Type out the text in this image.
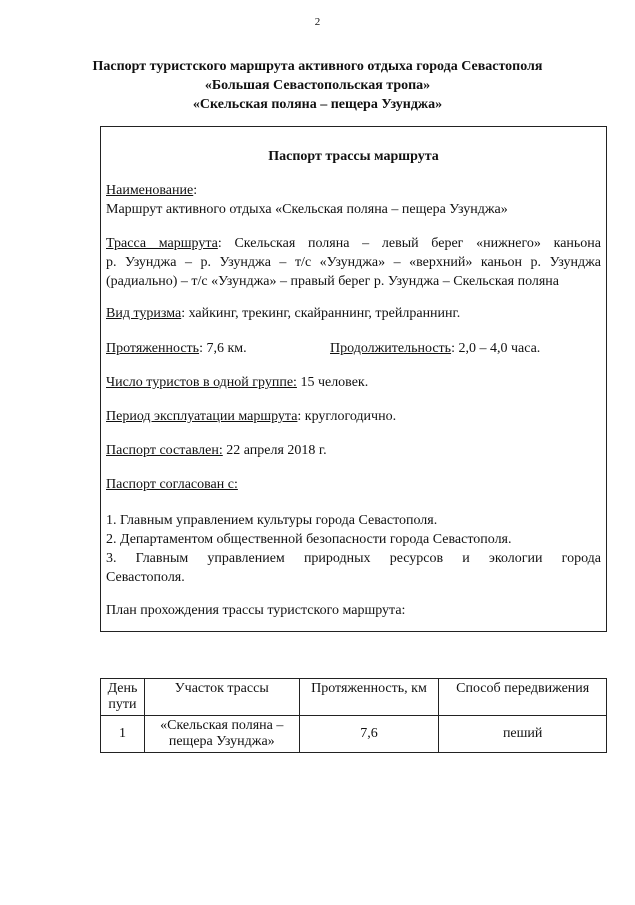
2
Паспорт туристского маршрута активного отдыха города Севастополя
«Большая Севастопольская тропа»
«Скельская поляна – пещера Узунджа»
Паспорт трассы маршрута
Наименование:
Маршрут активного отдыха «Скельская поляна – пещера Узунджа»
Трасса маршрута: Скельская поляна – левый берег «нижнего» каньона
р. Узунджа – р. Узунджа – т/с «Узунджа» – «верхний» каньон р. Узунджа
(радиально) – т/с «Узунджа» – правый берег р. Узунджа – Скельская поляна
Вид туризма: хайкинг, трекинг, скайраннинг, трейлраннинг.
Протяженность: 7,6 км.	Продолжительность: 2,0 – 4,0 часа.
Число туристов в одной группе: 15 человек.
Период эксплуатации маршрута: круглогодично.
Паспорт составлен: 22 апреля 2018 г.
Паспорт согласован с:
1. Главным управлением культуры города Севастополя.
2. Департаментом общественной безопасности города Севастополя.
3. Главным управлением природных ресурсов и экологии города
Севастополя.
План прохождения трассы туристского маршрута:
День пути	Участок трассы	Протяженность, км	Способ передвижения
1	«Скельская поляна – пещера Узунджа»	7,6	пеший
